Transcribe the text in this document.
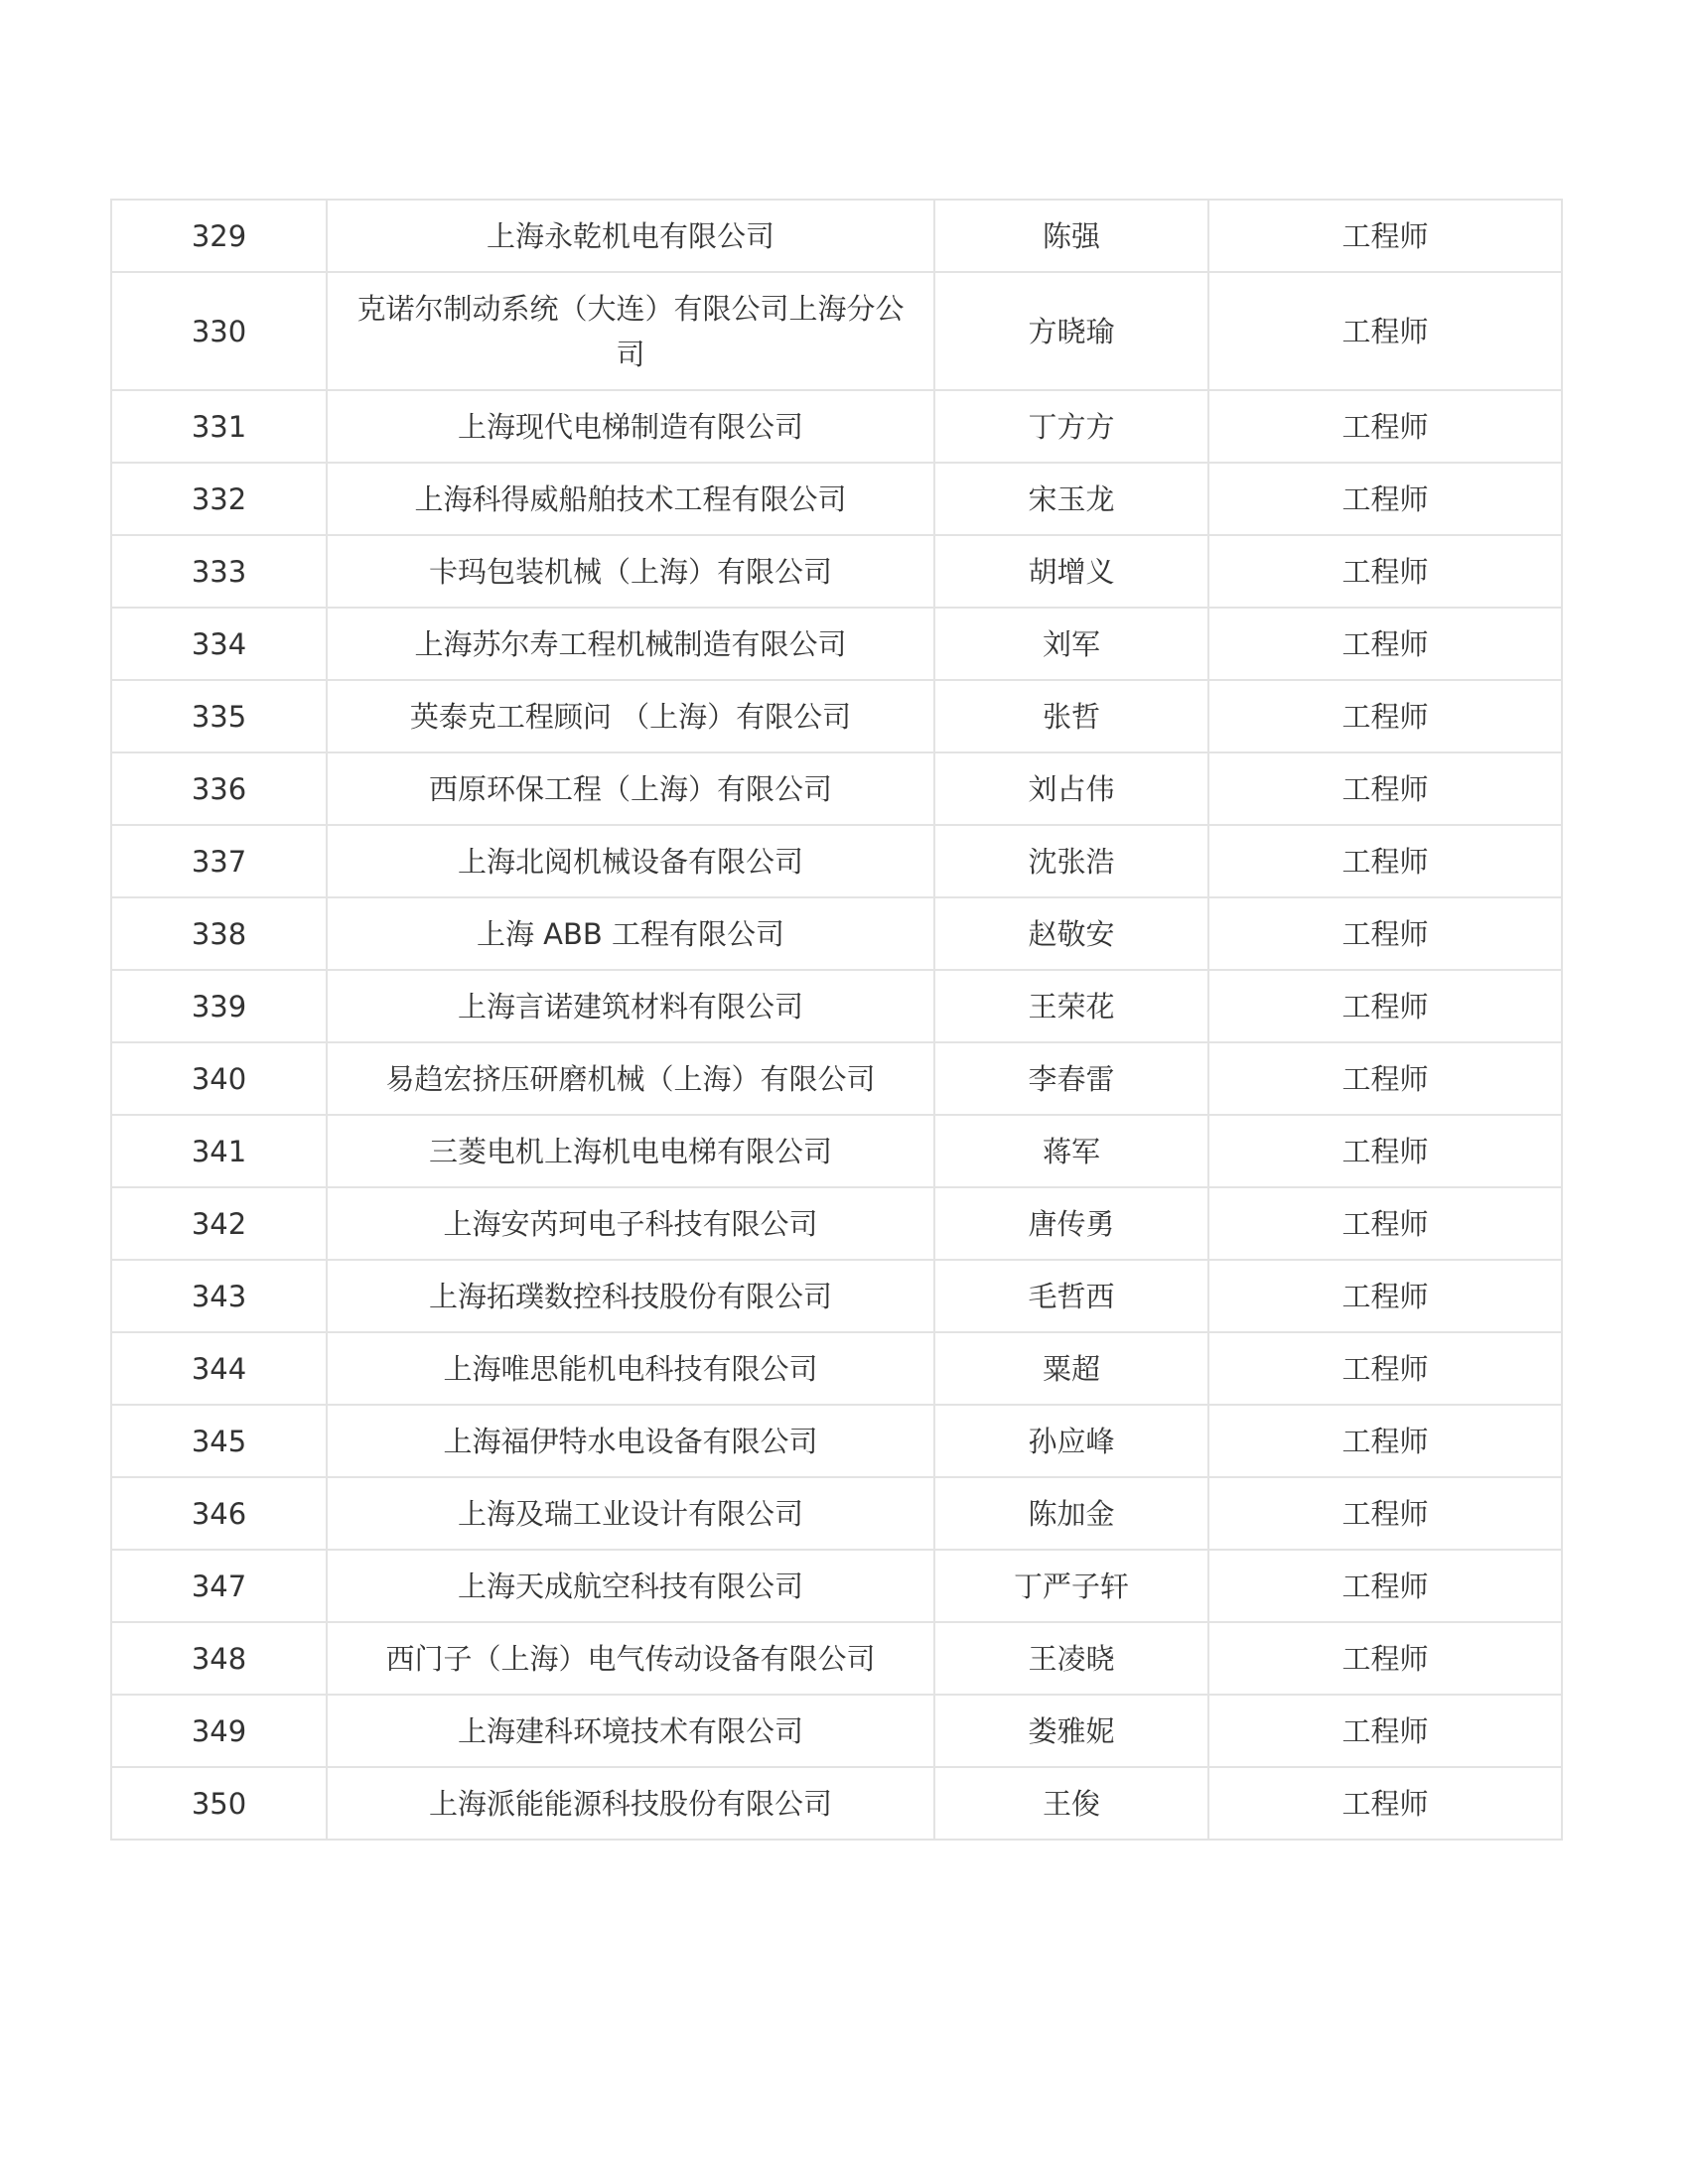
329	上海永乾机电有限公司	陈强	工程师
330	克诺尔制动系统（大连）有限公司上海分公司	方晓瑜	工程师
331	上海现代电梯制造有限公司	丁方方	工程师
332	上海科得威船舶技术工程有限公司	宋玉龙	工程师
333	卡玛包装机械（上海）有限公司	胡增义	工程师
334	上海苏尔寿工程机械制造有限公司	刘军	工程师
335	英泰克工程顾问 （上海）有限公司	张哲	工程师
336	西原环保工程（上海）有限公司	刘占伟	工程师
337	上海北阅机械设备有限公司	沈张浩	工程师
338	上海 ABB 工程有限公司	赵敬安	工程师
339	上海言诺建筑材料有限公司	王荣花	工程师
340	易趋宏挤压研磨机械（上海）有限公司	李春雷	工程师
341	三菱电机上海机电电梯有限公司	蒋军	工程师
342	上海安芮珂电子科技有限公司	唐传勇	工程师
343	上海拓璞数控科技股份有限公司	毛哲西	工程师
344	上海唯思能机电科技有限公司	粟超	工程师
345	上海福伊特水电设备有限公司	孙应峰	工程师
346	上海及瑞工业设计有限公司	陈加金	工程师
347	上海天成航空科技有限公司	丁严子轩	工程师
348	西门子（上海）电气传动设备有限公司	王凌晓	工程师
349	上海建科环境技术有限公司	娄雅妮	工程师
350	上海派能能源科技股份有限公司	王俊	工程师
